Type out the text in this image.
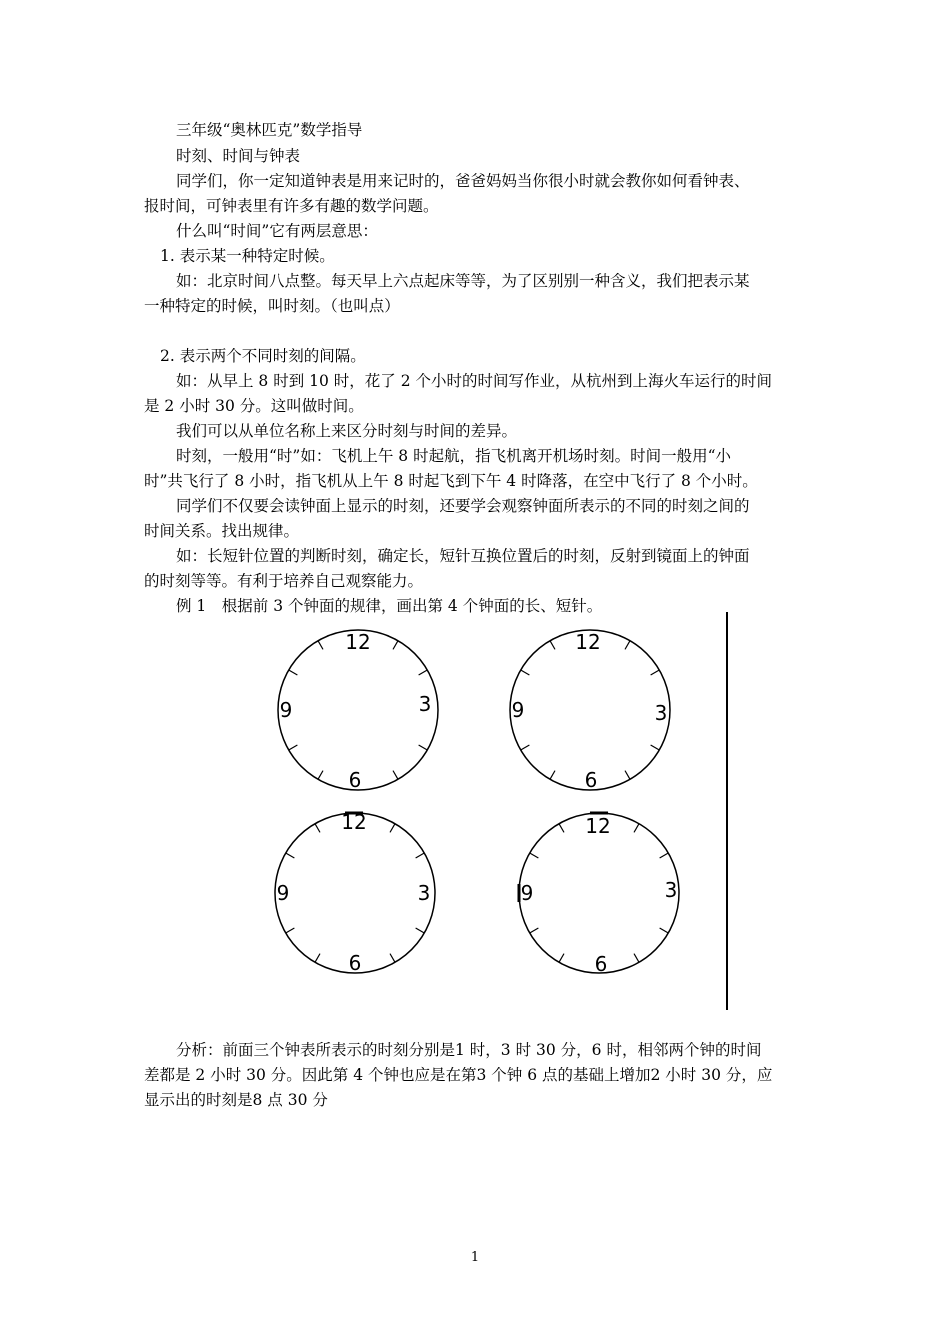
三年级“奥林匹克”数学指导
时刻、时间与钟表
同学们，你一定知道钟表是用来记时的，爸爸妈妈当你很小时就会教你如何看钟表、
报时间，可钟表里有许多有趣的数学问题。
什么叫“时间”它有两层意思：
1. 表示某一种特定时候。
如：北京时间八点整。每天早上六点起床等等，为了区别别一种含义，我们把表示某
一种特定的时候，叫时刻。（也叫点）
2. 表示两个不同时刻的间隔。
如：从早上 8 时到 10 时，花了 2 个小时的时间写作业，从杭州到上海火车运行的时间
是 2 小时 30 分。这叫做时间。
我们可以从单位名称上来区分时刻与时间的差异。
时刻，一般用“时”如：飞机上午 8 时起航，指飞机离开机场时刻。时间一般用“小
时”共飞行了 8 小时，指飞机从上午 8 时起飞到下午 4 时降落，在空中飞行了 8 个小时。
同学们不仅要会读钟面上显示的时刻，还要学会观察钟面所表示的不同的时刻之间的
时间关系。找出规律。
如：长短针位置的判断时刻，确定长，短针互换位置后的时刻，反射到镜面上的钟面
的时刻等等。有利于培养自己观察能力。
例 1　根据前 3 个钟面的规律，画出第 4 个钟面的长、短针。
12
3
6
9
12
3
6
9
12
3
6
9
12
3
6
9
分析：前面三个钟表所表示的时刻分别是1 时，3 时 30 分，6 时，相邻两个钟的时间
差都是 2 小时 30 分。因此第 4 个钟也应是在第3 个钟 6 点的基础上增加2 小时 30 分，应
显示出的时刻是8 点 30 分
1
